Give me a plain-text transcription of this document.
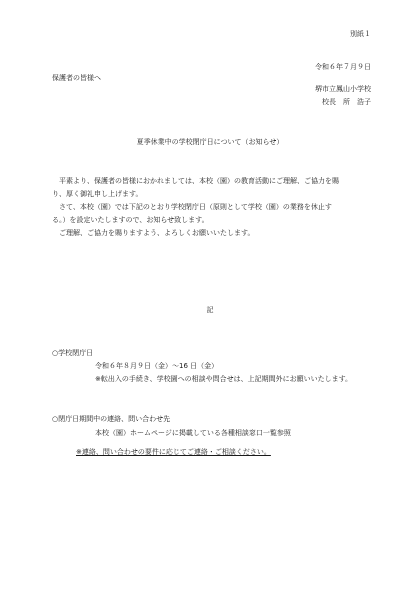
別紙１
令和６年７月９日
保護者の皆様へ
堺市立鳳山小学校
校長　所　浩子
夏季休業中の学校閉庁日について（お知らせ）

平素より、保護者の皆様におかれましては、本校（園）の教育活動にご理解、ご協力を賜

り、厚く御礼申し上げます。

さて、本校（園）では下記のとおり学校閉庁日（原則として学校（園）の業務を休止す

る。）を設定いたしますので、お知らせ致します。

ご理解、ご協力を賜りますよう、よろしくお願いいたします。

記
○学校閉庁日
令和６年８月９日（金）～16 日（金）
※転出入の手続き、学校園への相談や問合せは、上記期間外にお願いいたします。
○閉庁日期間中の連絡、問い合わせ先
本校（園）ホームページに掲載している各種相談窓口一覧参照
※連絡、問い合わせの要件に応じてご連絡・ご相談ください。
